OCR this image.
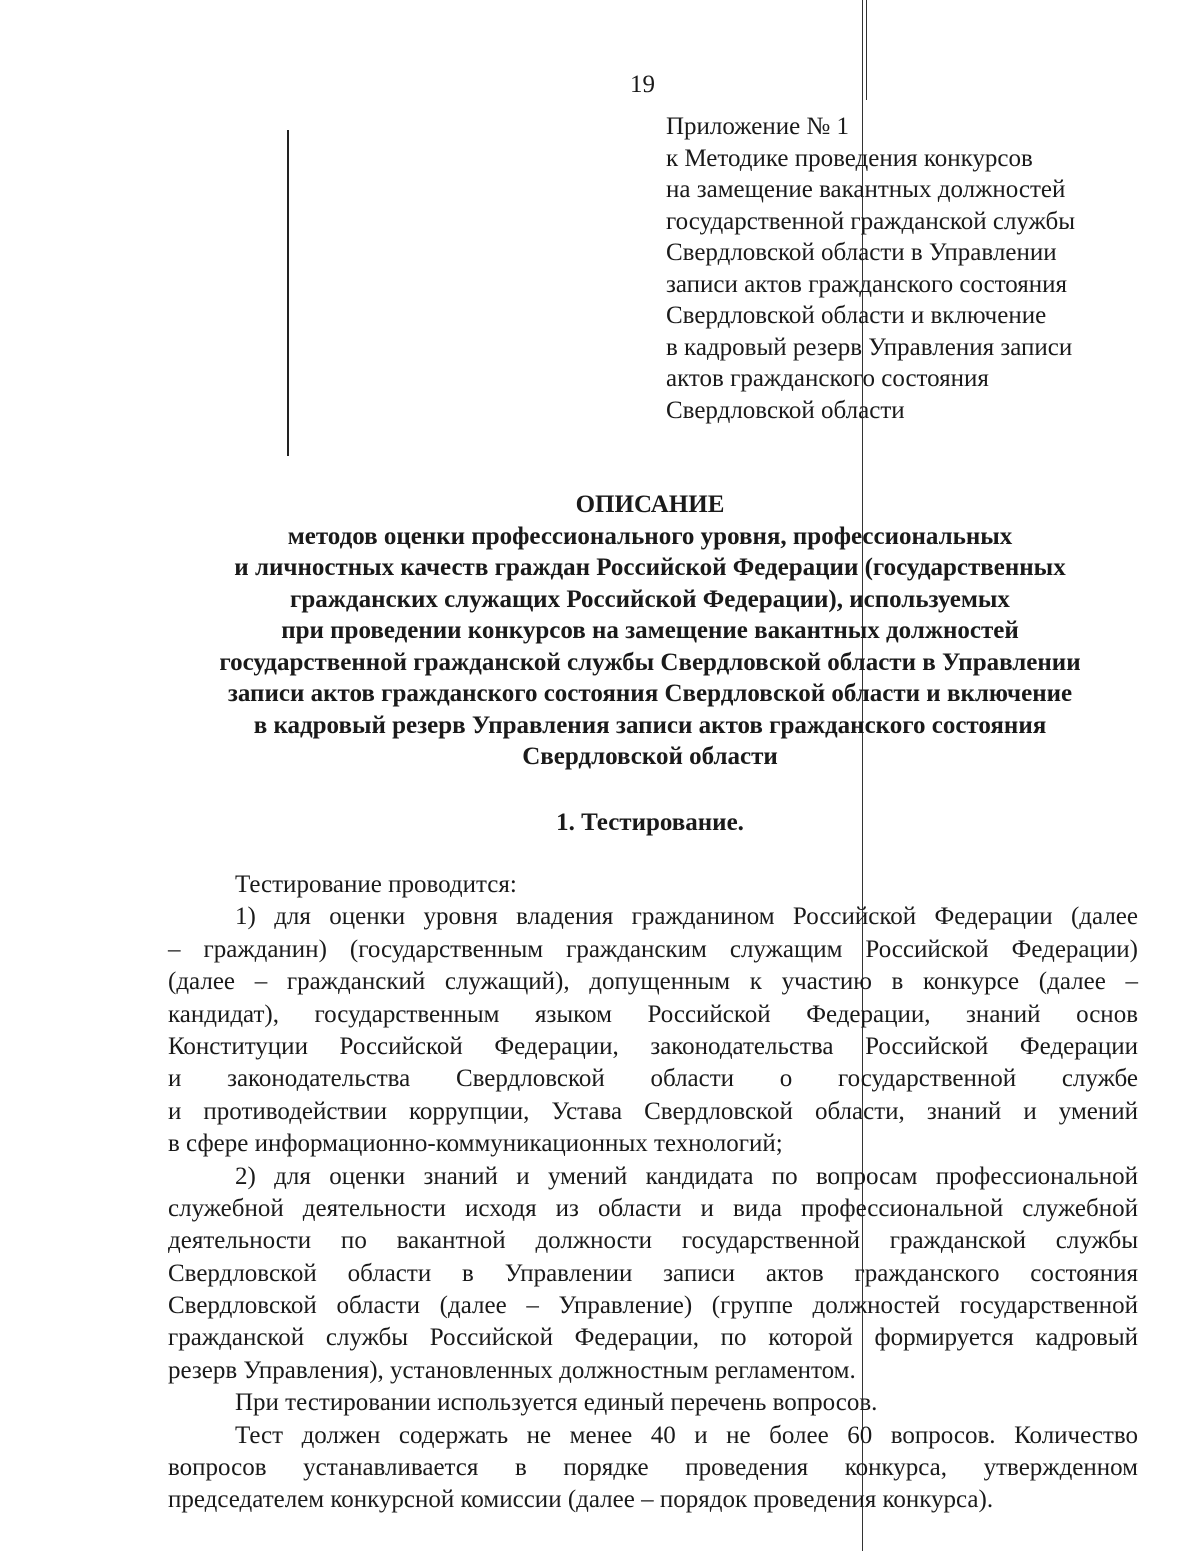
19
Приложение № 1
к Методике проведения конкурсов
на замещение вакантных должностей
государственной гражданской службы
Свердловской области в Управлении
записи актов гражданского состояния
Свердловской области и включение
в кадровый резерв Управления записи
актов гражданского состояния
Свердловской области
ОПИСАНИЕ
методов оценки профессионального уровня, профессиональных
и личностных качеств граждан Российской Федерации (государственных
гражданских служащих Российской Федерации), используемых
при проведении конкурсов на замещение вакантных должностей
государственной гражданской службы Свердловской области в Управлении
записи актов гражданского состояния Свердловской области и включение
в кадровый резерв Управления записи актов гражданского состояния
Свердловской области
1. Тестирование.
Тестирование проводится:
1) для оценки уровня владения гражданином Российской Федерации (далее
– гражданин) (государственным гражданским служащим Российской Федерации)
(далее – гражданский служащий), допущенным к участию в конкурсе (далее –
кандидат), государственным языком Российской Федерации, знаний основ
Конституции Российской Федерации, законодательства Российской Федерации
и законодательства Свердловской области о государственной службе
и противодействии коррупции, Устава Свердловской области, знаний и умений
в сфере информационно-коммуникационных технологий;
2) для оценки знаний и умений кандидата по вопросам профессиональной
служебной деятельности исходя из области и вида профессиональной служебной
деятельности по вакантной должности государственной гражданской службы
Свердловской области в Управлении записи актов гражданского состояния
Свердловской области (далее – Управление) (группе должностей государственной
гражданской службы Российской Федерации, по которой формируется кадровый
резерв Управления), установленных должностным регламентом.
При тестировании используется единый перечень вопросов.
Тест должен содержать не менее 40 и не более 60 вопросов. Количество
вопросов устанавливается в порядке проведения конкурса, утвержденном
председателем конкурсной комиссии (далее – порядок проведения конкурса).
